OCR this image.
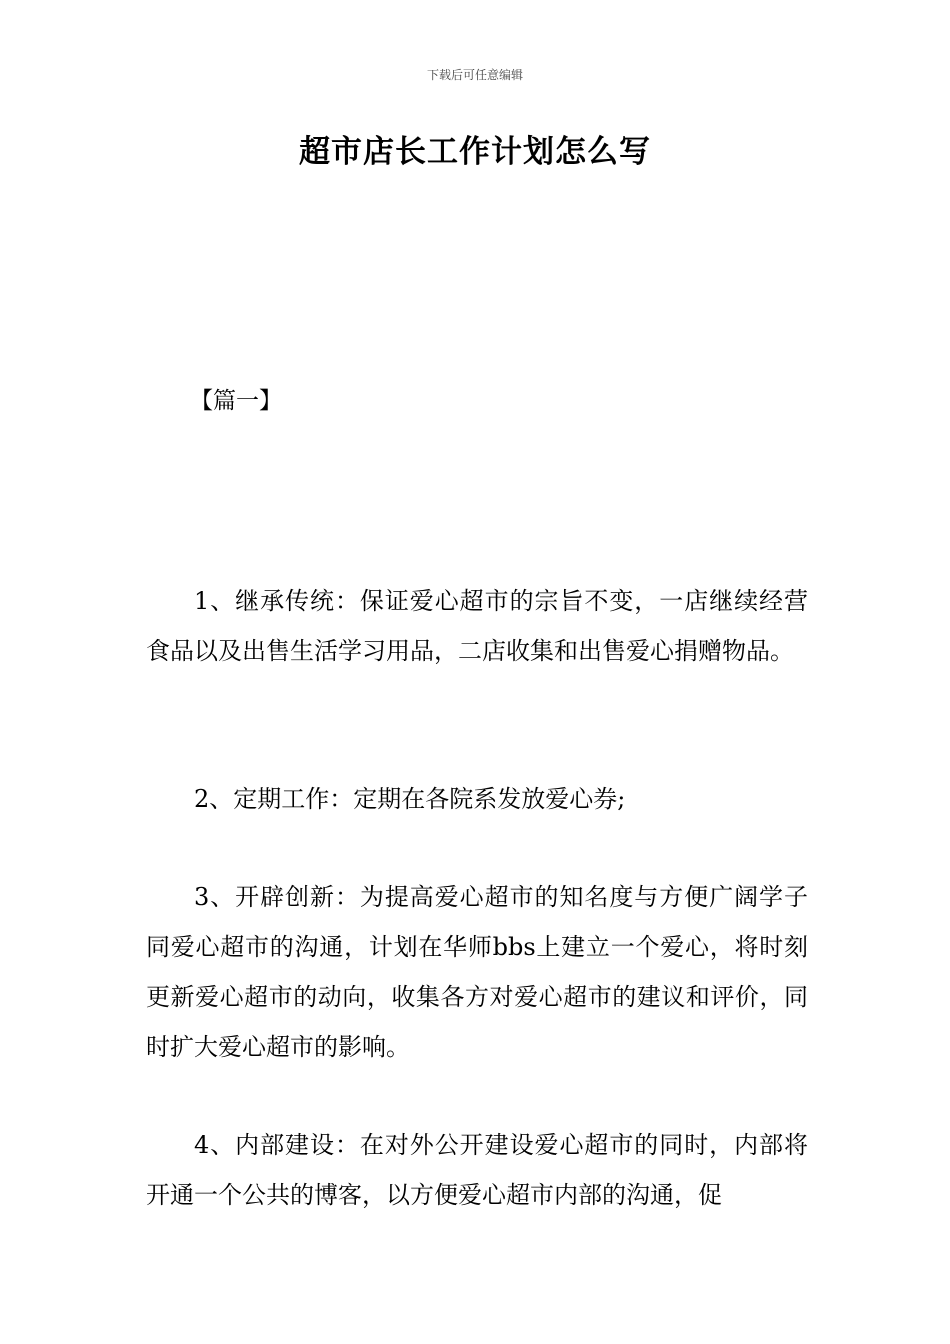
下载后可任意编辑
超市店长工作计划怎么写
【篇一】

1、继承传统：保证爱心超市的宗旨不变，一店继续经营食品以及出售生活学习用品，二店收集和出售爱心捐赠物品。

2、定期工作：定期在各院系发放爱心券;

3、开辟创新：为提高爱心超市的知名度与方便广阔学子同爱心超市的沟通，计划在华师bbs上建立一个爱心，将时刻更新爱心超市的动向，收集各方对爱心超市的建议和评价，同时扩大爱心超市的影响。

4、内部建设：在对外公开建设爱心超市的同时，内部将开通一个公共的博客，以方便爱心超市内部的沟通，促
